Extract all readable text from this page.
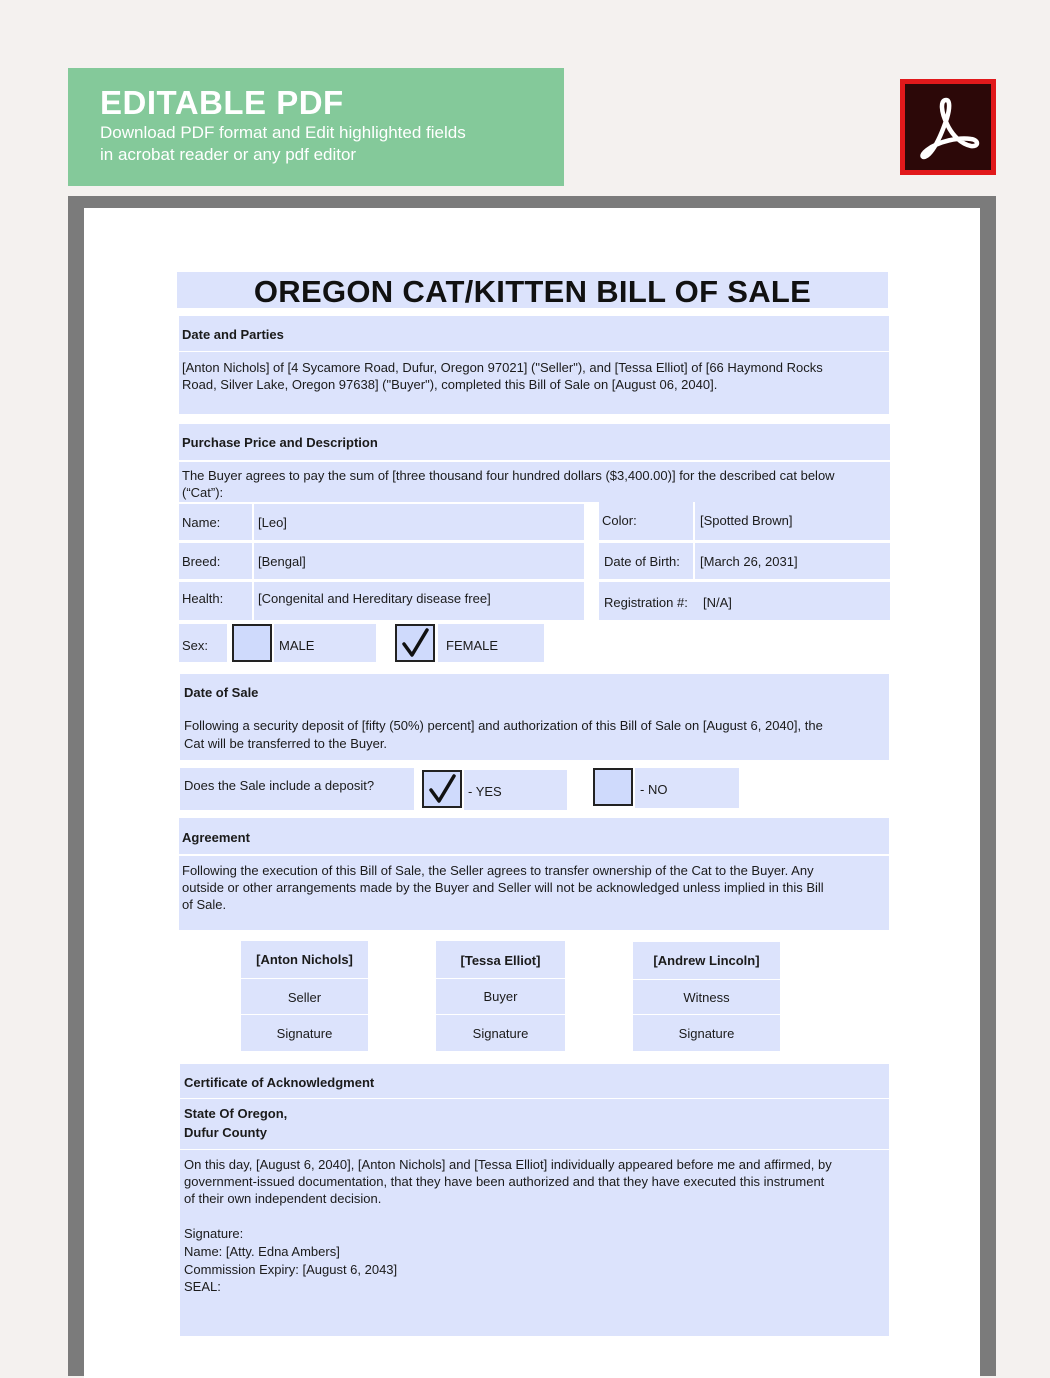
EDITABLE PDF
Download PDF format and Edit highlighted fields
in acrobat reader or any pdf editor
OREGON CAT/KITTEN BILL OF SALE
Date and Parties
[Anton Nichols] of [4 Sycamore Road, Dufur, Oregon 97021] ("Seller"), and [Tessa Elliot] of [66 Haymond Rocks
Road, Silver Lake, Oregon 97638] ("Buyer"), completed this Bill of Sale on [August 06, 2040].
Purchase Price and Description
The Buyer agrees to pay the sum of [three thousand four hundred dollars ($3,400.00)] for the described cat below
(“Cat”):
Name:	[Leo]	Color:	[Spotted Brown]
Breed:	[Bengal]	Date of Birth: [March 26, 2031]
Health:	[Congenital and Hereditary disease free]	Registration #: [N/A]
Sex:	MALE	FEMALE
Date of Sale
Following a security deposit of [fifty (50%) percent] and authorization of this Bill of Sale on [August 6, 2040], the
Cat will be transferred to the Buyer.
Does the Sale include a deposit?	- YES	- NO
Agreement
Following the execution of this Bill of Sale, the Seller agrees to transfer ownership of the Cat to the Buyer. Any
outside or other arrangements made by the Buyer and Seller will not be acknowledged unless implied in this Bill
of Sale.
[Anton Nichols]
Seller
Signature
[Tessa Elliot]
Buyer
Signature
[Andrew Lincoln]
Witness
Signature
Certificate of Acknowledgment
State Of Oregon,
Dufur County
On this day, [August 6, 2040], [Anton Nichols] and [Tessa Elliot] individually appeared before me and affirmed, by
government-issued documentation, that they have been authorized and that they have executed this instrument
of their own independent decision.
Signature:
Name: [Atty. Edna Ambers]
Commission Expiry: [August 6, 2043]
SEAL:
